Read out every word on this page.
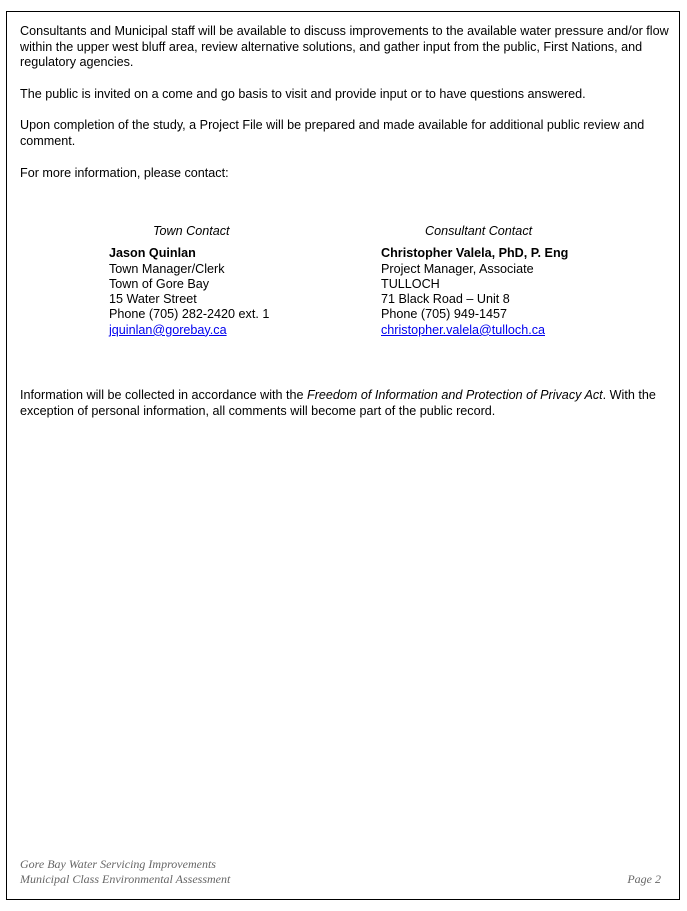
Consultants and Municipal staff will be available to discuss improvements to the available water pressure and/or flow within the upper west bluff area, review alternative solutions, and gather input from the public, First Nations, and regulatory agencies.

The public is invited on a come and go basis to visit and provide input or to have questions answered.

Upon completion of the study, a Project File will be prepared and made available for additional public review and comment.

For more information, please contact:

Town Contact
Jason Quinlan
Town Manager/Clerk
Town of Gore Bay
15 Water Street
Phone (705) 282-2420 ext. 1
jquinlan@gorebay.ca
Consultant Contact
Christopher Valela, PhD, P. Eng
Project Manager, Associate
TULLOCH
71 Black Road – Unit 8
Phone (705) 949-1457
christopher.valela@tulloch.ca

Information will be collected in accordance with the Freedom of Information and Protection of Privacy Act. With the exception of personal information, all comments will become part of the public record.

Gore Bay Water Servicing Improvements
Municipal Class Environmental Assessment	Page 2
